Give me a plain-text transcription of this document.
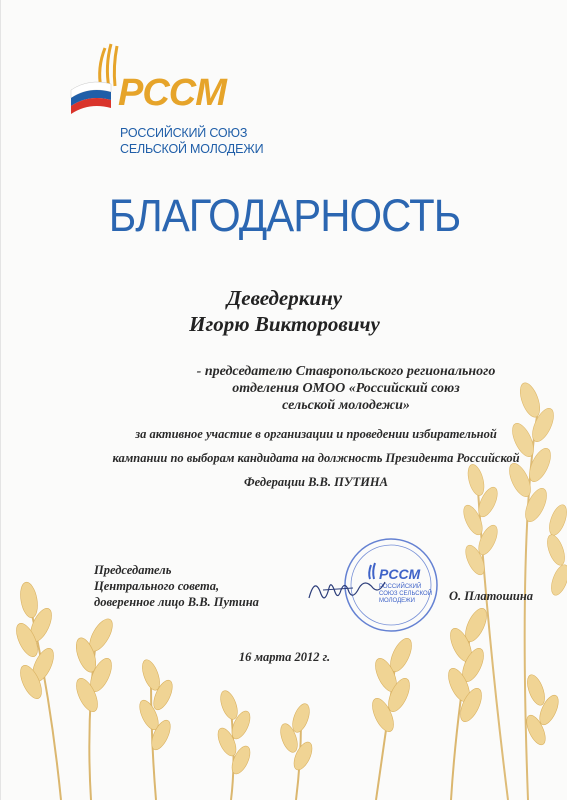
РССМ
РОССИЙСКИЙ СОЮЗ
СЕЛЬСКОЙ МОЛОДЕЖИ
БЛАГОДАРНОСТЬ
Деведеркину
Игорю Викторовичу
- председателю Ставропольского регионального
отделения ОМОО «Российский союз
сельской молодежи»
за активное участие в организации и проведении избирательной
кампании по выборам кандидата на должность Президента Российской
Федерации В.В. ПУТИНА
Председатель
Центрального совета,
доверенное лицо В.В. Путина
РССМ
РОССИЙСКИЙ
СОЮЗ СЕЛЬСКОЙ
МОЛОДЕЖИ	О. Платошина
16 марта 2012 г.
